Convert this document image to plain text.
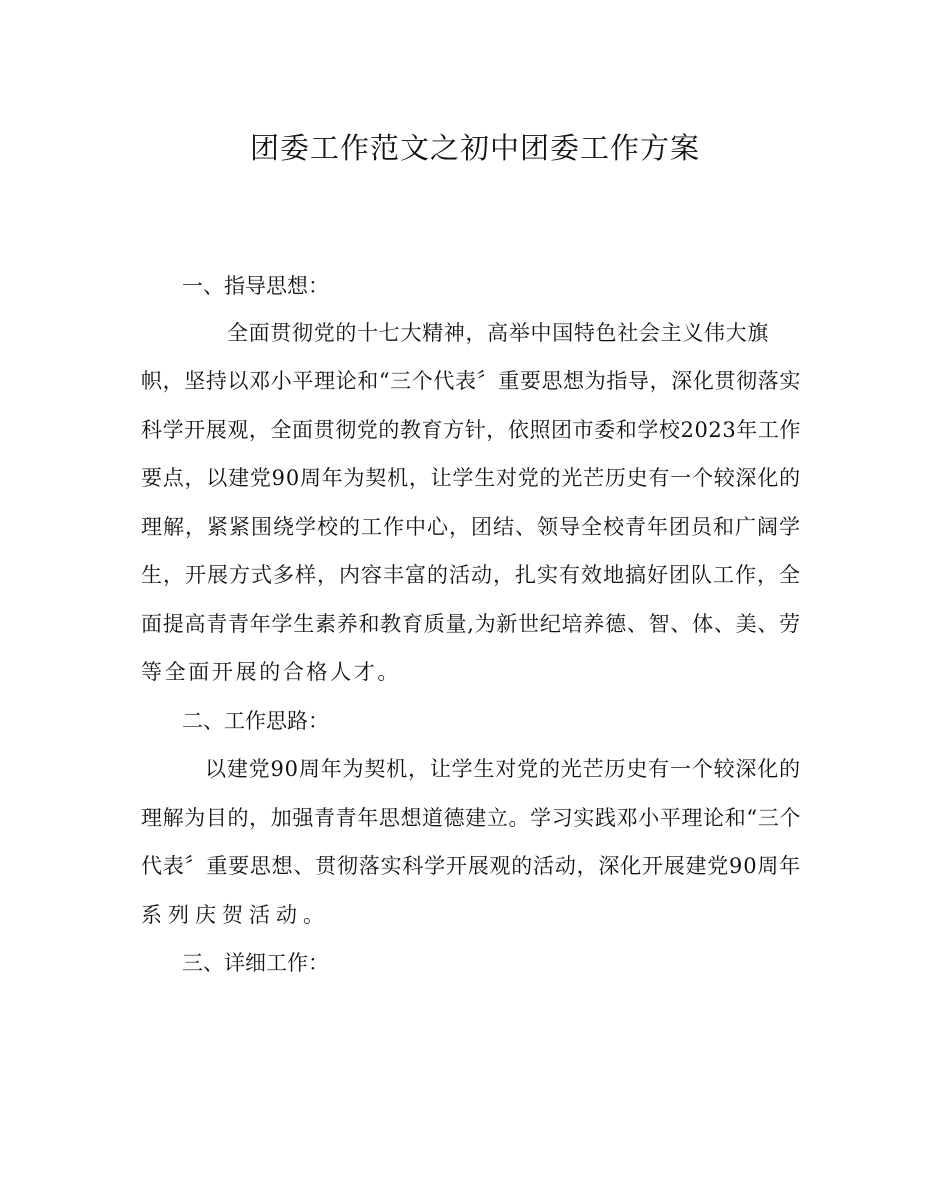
团委工作范文之初中团委工作方案

一、指导思想：

全面贯彻党的十七大精神，高举中国特色社会主义伟大旗

帜，坚持以邓小平理论和“三个代表〞重要思想为指导，深化贯彻落实

科学开展观，全面贯彻党的教育方针，依照团市委和学校2023年工作

要点，以建党90周年为契机，让学生对党的光芒历史有一个较深化的

理解，紧紧围绕学校的工作中心，团结、领导全校青年团员和广阔学

生，开展方式多样，内容丰富的活动，扎实有效地搞好团队工作，全

面提高青青年学生素养和教育质量,为新世纪培养德、智、体、美、劳

等全面开展的合格人才。

二、工作思路：

以建党90周年为契机，让学生对党的光芒历史有一个较深化的

理解为目的，加强青青年思想道德建立。学习实践邓小平理论和“三个

代表〞重要思想、贯彻落实科学开展观的活动，深化开展建党90周年

系列庆贺活动。

三、详细工作：
